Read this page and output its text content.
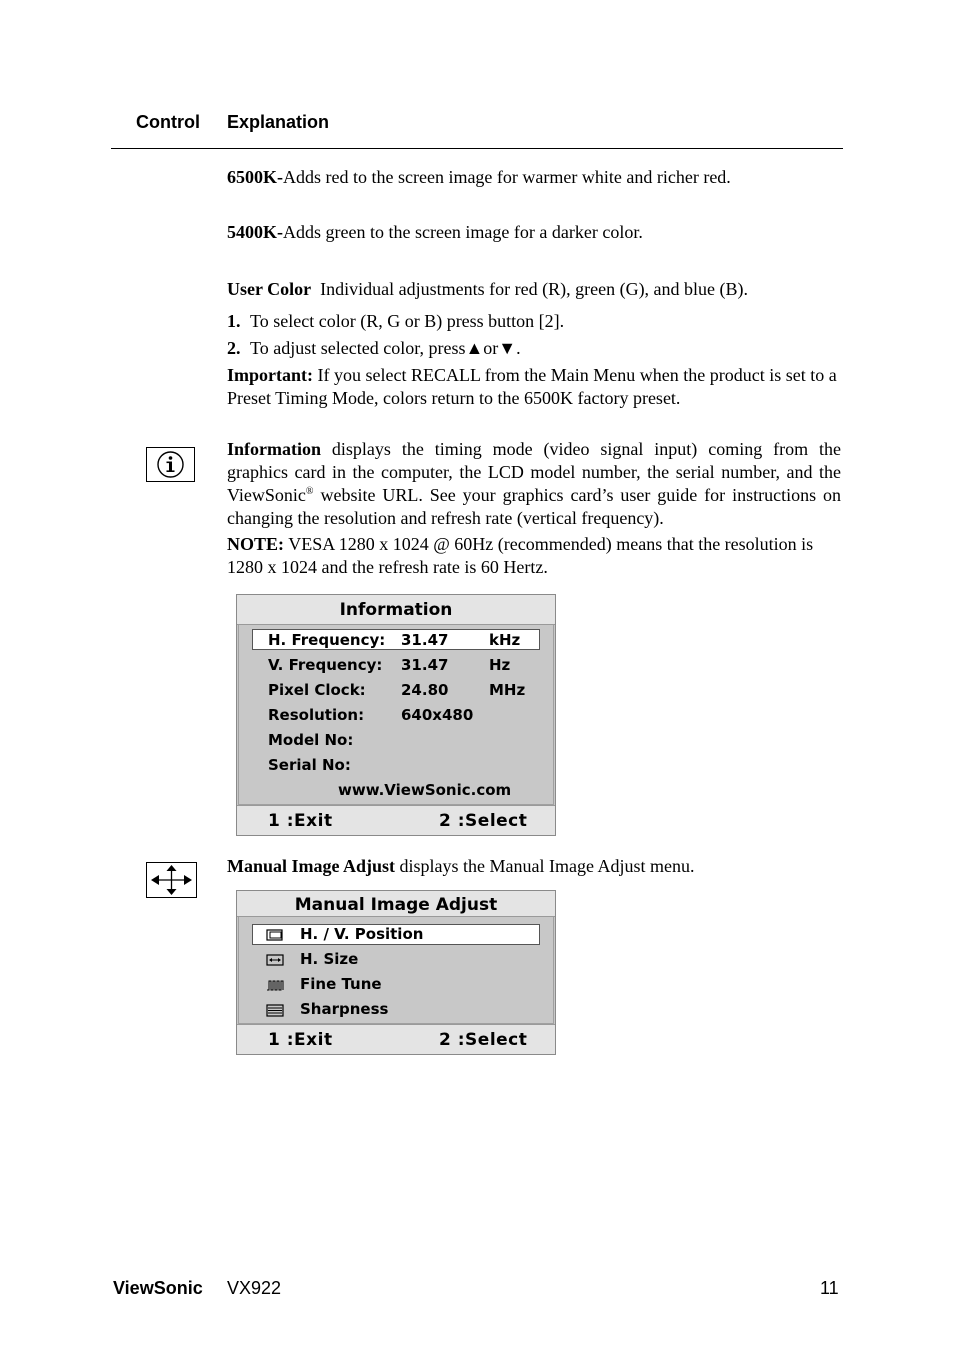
Control Explanation
6500K-Adds red to the screen image for warmer white and richer red.
5400K-Adds green to the screen image for a darker color.
User Color Individual adjustments for red (R), green (G), and blue (B).
1. To select color (R, G or B) press button [2].
2. To adjust selected color, press▲or▼.
Important: If you select RECALL from the Main Menu when the product is set to a Preset Timing Mode, colors return to the 6500K factory preset.
Information displays the timing mode (video signal input) coming from the graphics card in the computer, the LCD model number, the serial number, and the ViewSonic® website URL. See your graphics card’s user guide for instructions on changing the resolution and refresh rate (vertical frequency).
NOTE: VESA 1280 x 1024 @ 60Hz (recommended) means that the resolution is 1280 x 1024 and the refresh rate is 60 Hertz.
Information
H. Frequency: 31.47	kHz
V. Frequency: 31.47	Hz
Pixel Clock: 24.80	MHz
Resolution: 640x480
Model No:
Serial No:
www.ViewSonic.com
1 :Exit	2 :Select
Manual Image Adjust displays the Manual Image Adjust menu.
Manual Image Adjust
H. / V. Position
H. Size
Fine Tune
Sharpness
1 :Exit	2 :Select
ViewSonic VX922	11
